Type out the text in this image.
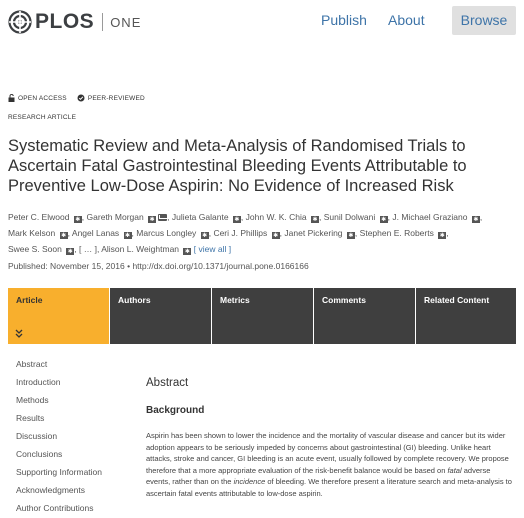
PLOS ONE	Publish About	Browse
OPEN ACCESS	PEER-REVIEWED
RESEARCH ARTICLE
Systematic Review and Meta-Analysis of Randomised Trials to Ascertain Fatal Gastrointestinal Bleeding Events Attributable to Preventive Low-Dose Aspirin: No Evidence of Increased Risk
Peter C. Elwood ✱, Gareth Morgan ✱ , Julieta Galante ✱, John W. K. Chia ✱, Sunil Dolwani ✱, J. Michael Graziano ✱, Mark Kelson ✱, Angel Lanas ✱, Marcus Longley ✱, Ceri J. Phillips ✱, Janet Pickering ✱, Stephen E. Roberts ✱, Swee S. Soon ✱, [ … ], Alison L. Weightman ✱ [ view all ]
Published: November 15, 2016 • http://dx.doi.org/10.1371/journal.pone.0166166
Article	Authors	Metrics	Comments	Related Content
Abstract
Introduction
Methods
Results
Discussion
Conclusions
Supporting Information
Acknowledgments
Author Contributions
Abstract
Background

Aspirin has been shown to lower the incidence and the mortality of vascular disease and cancer but its wider adoption appears to be seriously impeded by concerns about gastrointestinal (GI) bleeding. Unlike heart attacks, stroke and cancer, GI bleeding is an acute event, usually followed by complete recovery. We propose therefore that a more appropriate evaluation of the risk-benefit balance would be based on fatal adverse events, rather than on the incidence of bleeding. We therefore present a literature search and meta-analysis to ascertain fatal events attributable to low-dose aspirin.
